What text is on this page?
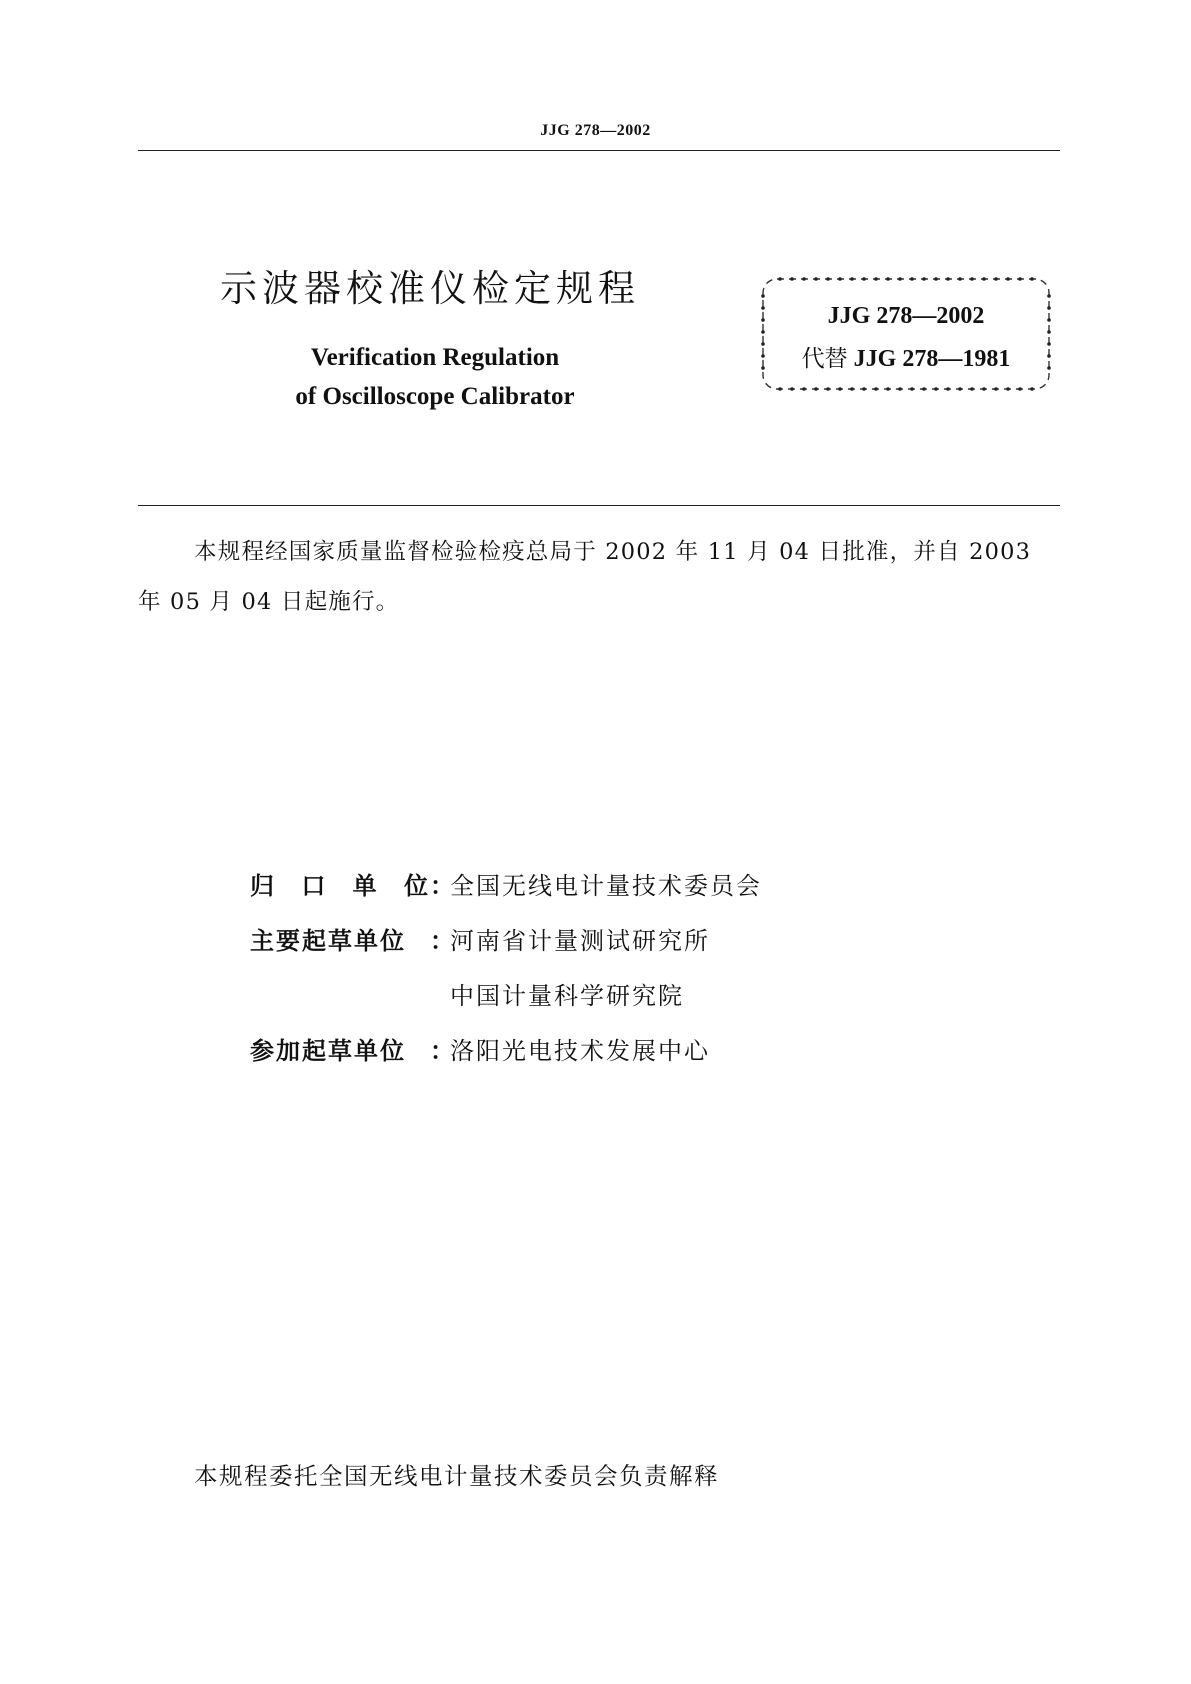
JJG 278—2002
示波器校准仪检定规程
Verification Regulation
of Oscilloscope Calibrator
JJG 278—2002
代替 JJG 278—1981
本规程经国家质量监督检验检疫总局于 2002 年 11 月 04 日批准，并自 2003 年 05 月 04 日起施行。
归 口 单 位 ：
全国无线电计量技术委员会
主要起草单位	：
河南省计量测试研究所
中国计量科学研究院
参加起草单位	：
洛阳光电技术发展中心
本规程委托全国无线电计量技术委员会负责解释
